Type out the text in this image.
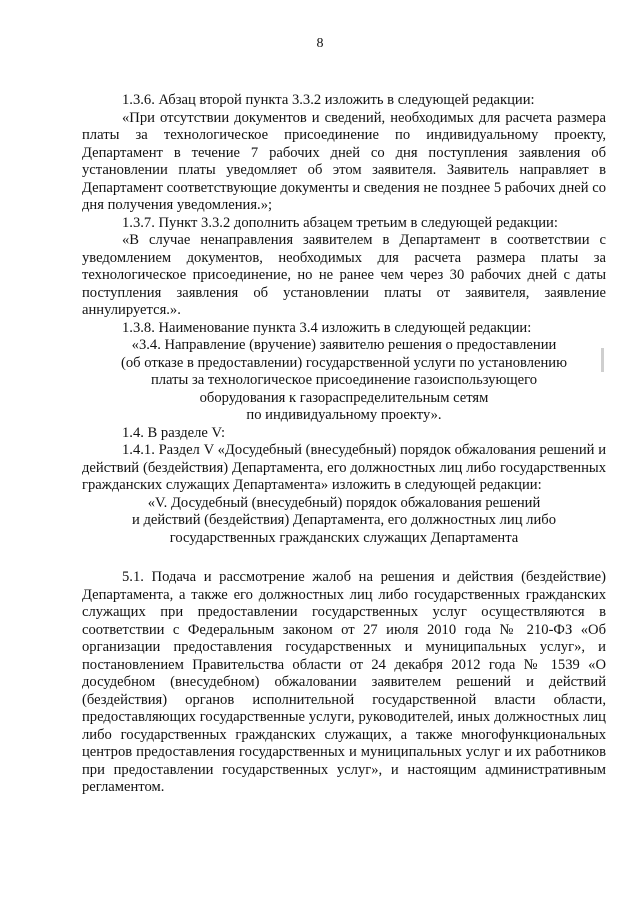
8

1.3.6. Абзац второй пункта 3.3.2 изложить в следующей редакции:

«При отсутствии документов и сведений, необходимых для расчета размера платы за технологическое присоединение по индивидуальному проекту, Департамент в течение 7 рабочих дней со дня поступления заявления об установлении платы уведомляет об этом заявителя. Заявитель направляет в Департамент соответствующие документы и сведения не позднее 5 рабочих дней со дня получения уведомления.»;

1.3.7. Пункт 3.3.2 дополнить абзацем третьим в следующей редакции:

«В случае ненаправления заявителем в Департамент в соответствии с уведомлением документов, необходимых для расчета размера платы за технологическое присоединение, но не ранее чем через 30 рабочих дней с даты поступления заявления об установлении платы от заявителя, заявление аннулируется.».

1.3.8. Наименование пункта 3.4 изложить в следующей редакции:

«3.4. Направление (вручение) заявителю решения о предоставлении
(об отказе в предоставлении) государственной услуги по установлению
платы за технологическое присоединение газоиспользующего
оборудования к газораспределительным сетям
по индивидуальному проекту».

1.4. В разделе V:

1.4.1. Раздел V «Досудебный (внесудебный) порядок обжалования решений и действий (бездействия) Департамента, его должностных лиц либо государственных гражданских служащих Департамента» изложить в следующей редакции:

«V. Досудебный (внесудебный) порядок обжалования решений
и действий (бездействия) Департамента, его должностных лиц либо
государственных гражданских служащих Департамента

5.1. Подача и рассмотрение жалоб на решения и действия (бездействие) Департамента, а также его должностных лиц либо государственных гражданских служащих при предоставлении государственных услуг осуществляются в соответствии с Федеральным законом от 27 июля 2010 года № 210-ФЗ «Об организации предоставления государственных и муниципальных услуг», и постановлением Правительства области от 24 декабря 2012 года № 1539 «О досудебном (внесудебном) обжаловании заявителем решений и действий (бездействия) органов исполнительной государственной власти области, предоставляющих государственные услуги, руководителей, иных должностных лиц либо государственных гражданских служащих, а также многофункциональных центров предоставления государственных и муниципальных услуг и их работников при предоставлении государственных услуг», и настоящим административным регламентом.
